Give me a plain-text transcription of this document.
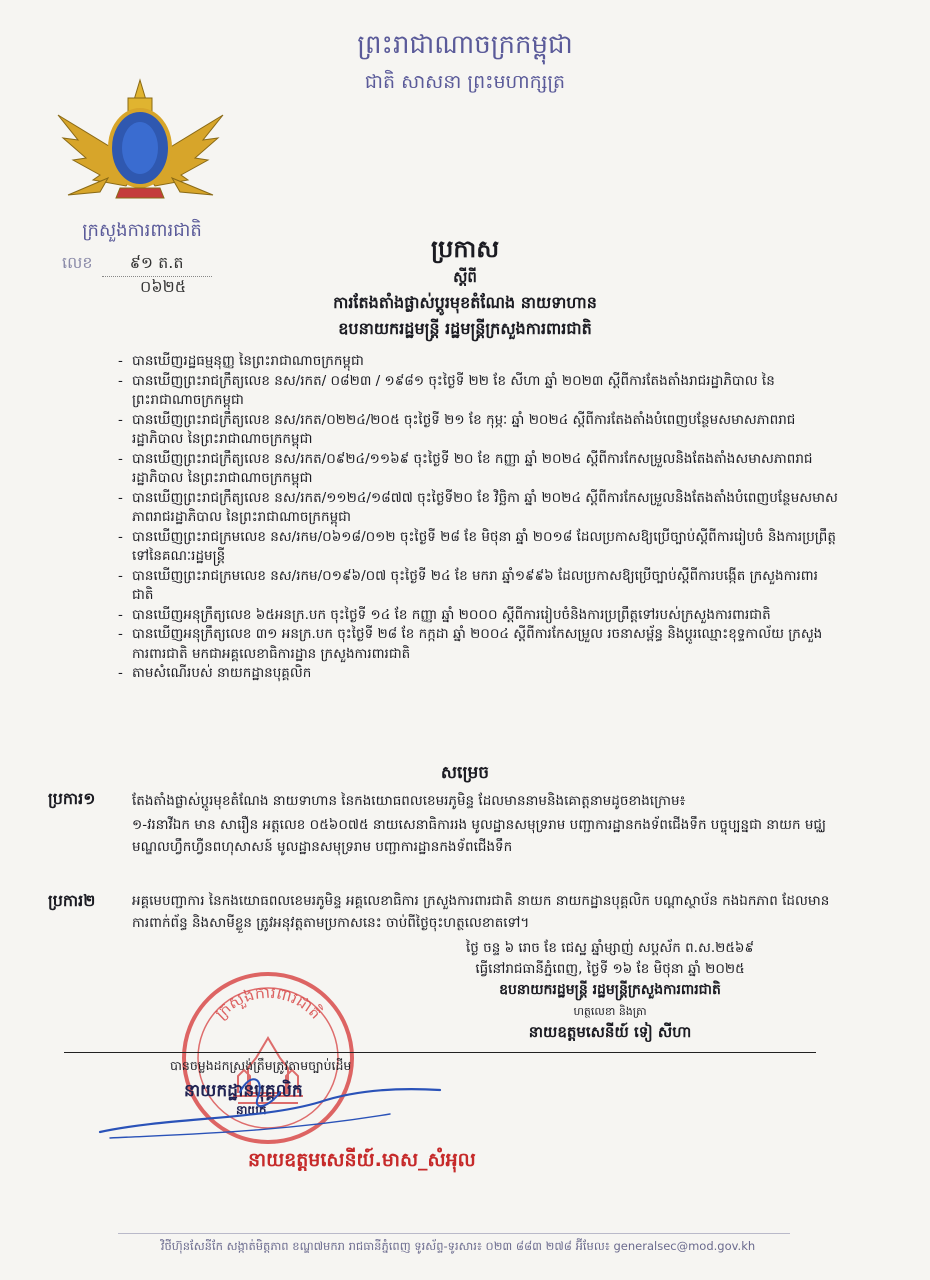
ព្រះរាជាណាចក្រកម្ពុជា
ជាតិ សាសនា ព្រះមហាក្សត្រ
ក្រសួងការពារជាតិ
លេខ ៩១ ត.ត
០៦២៥
ប្រកាស
ស្ដីពី
ការតែងតាំងផ្លាស់ប្ដូរមុខតំណែង នាយទាហាន
ឧបនាយករដ្ឋមន្ត្រី រដ្ឋមន្ត្រីក្រសួងការពារជាតិ
- បានឃើញរដ្ឋធម្មនុញ្ញ នៃព្រះរាជាណាចក្រកម្ពុជា
- បានឃើញព្រះរាជក្រឹត្យលេខ នស/រកត/ ០៨២៣ / ១៩៨១ ចុះថ្ងៃទី ២២ ខែ សីហា ឆ្នាំ ២០២៣ ស្ដីពីការតែងតាំងរាជរដ្ឋាភិបាល នៃព្រះរាជាណាចក្រកម្ពុជា
- បានឃើញព្រះរាជក្រឹត្យលេខ នស/រកត/០២២៤/២០៥ ចុះថ្ងៃទី ២១ ខែ កុម្ភៈ ឆ្នាំ ២០២៤ ស្ដីពីការតែងតាំងបំពេញបន្ថែមសមាសភាពរាជរដ្ឋាភិបាល នៃព្រះរាជាណាចក្រកម្ពុជា
- បានឃើញព្រះរាជក្រឹត្យលេខ នស/រកត/០៩២៤/១១៦៩ ចុះថ្ងៃទី ២០ ខែ កញ្ញា ឆ្នាំ ២០២៤ ស្ដីពីការកែសម្រួលនិងតែងតាំងសមាសភាពរាជរដ្ឋាភិបាល នៃព្រះរាជាណាចក្រកម្ពុជា
- បានឃើញព្រះរាជក្រឹត្យលេខ នស/រកត/១១២៤/១៨៧៧ ចុះថ្ងៃទី២០ ខែ វិច្ឆិកា ឆ្នាំ ២០២៤ ស្ដីពីការកែសម្រួលនិងតែងតាំងបំពេញបន្ថែមសមាសភាពរាជរដ្ឋាភិបាល នៃព្រះរាជាណាចក្រកម្ពុជា
- បានឃើញព្រះរាជក្រមលេខ នស/រកម/០៦១៨/០១២ ចុះថ្ងៃទី ២៨ ខែ មិថុនា ឆ្នាំ ២០១៨ ដែលប្រកាសឱ្យប្រើច្បាប់ស្ដីពីការរៀបចំ និងការប្រព្រឹត្តទៅនៃគណៈរដ្ឋមន្ត្រី
- បានឃើញព្រះរាជក្រមលេខ នស/រកម/០១៩៦/០៧ ចុះថ្ងៃទី ២៤ ខែ មករា ឆ្នាំ១៩៩៦ ដែលប្រកាសឱ្យប្រើច្បាប់ស្ដីពីការបង្កើត ក្រសួងការពារជាតិ
- បានឃើញអនុក្រឹត្យលេខ ៦៥អនក្រ.បក ចុះថ្ងៃទី ១៤ ខែ កញ្ញា ឆ្នាំ ២០០០ ស្ដីពីការរៀបចំនិងការប្រព្រឹត្តទៅរបស់ក្រសួងការពារជាតិ
- បានឃើញអនុក្រឹត្យលេខ ៣១ អនក្រ.បក ចុះថ្ងៃទី ២៨ ខែ កក្កដា ឆ្នាំ ២០០៤ ស្ដីពីការកែសម្រួល រចនាសម្ព័ន្ធ និងប្ដូរឈ្មោះខុទ្ទកាល័យ ក្រសួងការពារជាតិ មកជាអគ្គលេខាធិការដ្ឋាន ក្រសួងការពារជាតិ
- តាមសំណើរបស់ នាយកដ្ឋានបុគ្គលិក
សម្រេច
ប្រការ១	តែងតាំងផ្លាស់ប្ដូរមុខតំណែង នាយទាហាន នៃកងយោធពលខេមរភូមិន្ទ ដែលមាននាមនិងគោត្តនាមដូចខាងក្រោម៖
១-វរនាវីឯក មាន សារឿន អត្តលេខ ០៥៦០៧៥ នាយសេនាធិការរង មូលដ្ឋានសមុទ្ររាម បញ្ជាការដ្ឋានកងទ័ពជើងទឹក បច្ចុប្បន្នជា នាយក មជ្ឈមណ្ឌលហ្វឹកហ្វឺនពហុសាសន៍ មូលដ្ឋានសមុទ្ររាម បញ្ជាការដ្ឋានកងទ័ពជើងទឹក
ប្រការ២	អគ្គមេបញ្ជាការ នៃកងយោធពលខេមរភូមិន្ទ អគ្គលេខាធិការ ក្រសួងការពារជាតិ នាយក នាយកដ្ឋានបុគ្គលិក បណ្ដាស្ថាប័ន កងឯកភាព ដែលមានការពាក់ព័ន្ធ និងសាមីខ្លួន ត្រូវអនុវត្តតាមប្រកាសនេះ ចាប់ពីថ្ងៃចុះហត្ថលេខាតទៅ។
ថ្ងៃ ចន្ទ ៦ រោច ខែ ជេស្ឋ ឆ្នាំម្សាញ់ សប្តស័ក ព.ស.២៥៦៩
ធ្វើនៅរាជធានីភ្នំពេញ, ថ្ងៃទី ១៦ ខែ មិថុនា ឆ្នាំ ២០២៥
ឧបនាយករដ្ឋមន្ត្រី រដ្ឋមន្ត្រីក្រសួងការពារជាតិ
ហត្ថលេខា និងត្រា
នាយឧត្ដមសេនីយ៍ ទៀ សីហា
ក្រសួងការពារជាតិ
បានចម្លងដកស្រង់ត្រឹមត្រូវតាមច្បាប់ដើម
នាយកដ្ឋានបុគ្គលិក
នាយក
នាយឧត្តមសេនីយ៍.មាស_សំអុល
វិថីហ៊ុនសែនីកែ សង្កាត់មិត្តភាព ខណ្ឌ៧មករា រាជធានីភ្នំពេញ ទូរស័ព្ទ-ទូរសារ៖ ០២៣ ៨៨៣ ២៧៨ អ៊ីមែល៖ generalsec@mod.gov.kh
